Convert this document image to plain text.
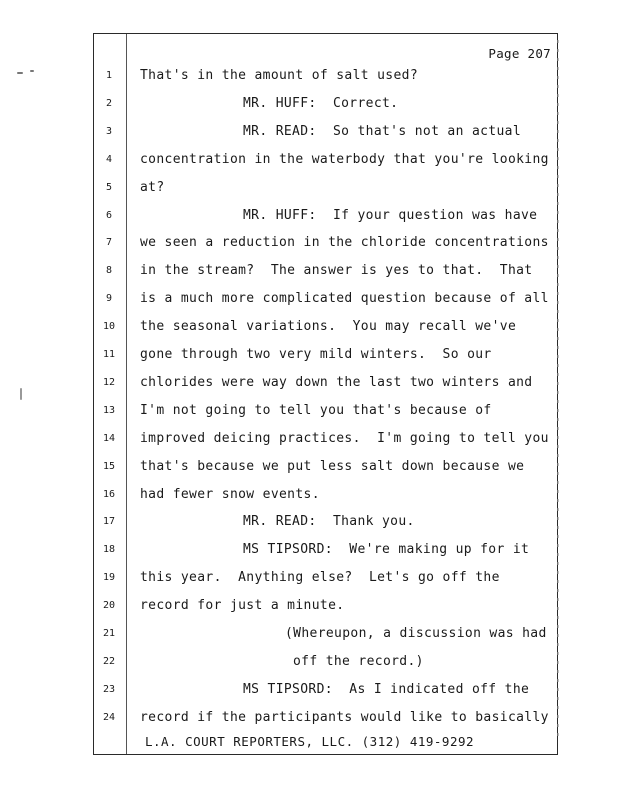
Page 207
1	That's in the amount of salt used?
2	MR. HUFF:  Correct.
3	MR. READ:  So that's not an actual
4	concentration in the waterbody that you're looking
5	at?
6	MR. HUFF:  If your question was have
7	we seen a reduction in the chloride concentrations
8	in the stream?  The answer is yes to that.  That
9	is a much more complicated question because of all
10	the seasonal variations.  You may recall we've
11	gone through two very mild winters.  So our
12	chlorides were way down the last two winters and
13	I'm not going to tell you that's because of
14	improved deicing practices.  I'm going to tell you
15	that's because we put less salt down because we
16	had fewer snow events.
17	MR. READ:  Thank you.
18	MS TIPSORD:  We're making up for it
19	this year.  Anything else?  Let's go off the
20	record for just a minute.
21	(Whereupon, a discussion was had
22	off the record.)
23	MS TIPSORD:  As I indicated off the
24	record if the participants would like to basically
L.A. COURT REPORTERS, LLC. (312) 419-9292
